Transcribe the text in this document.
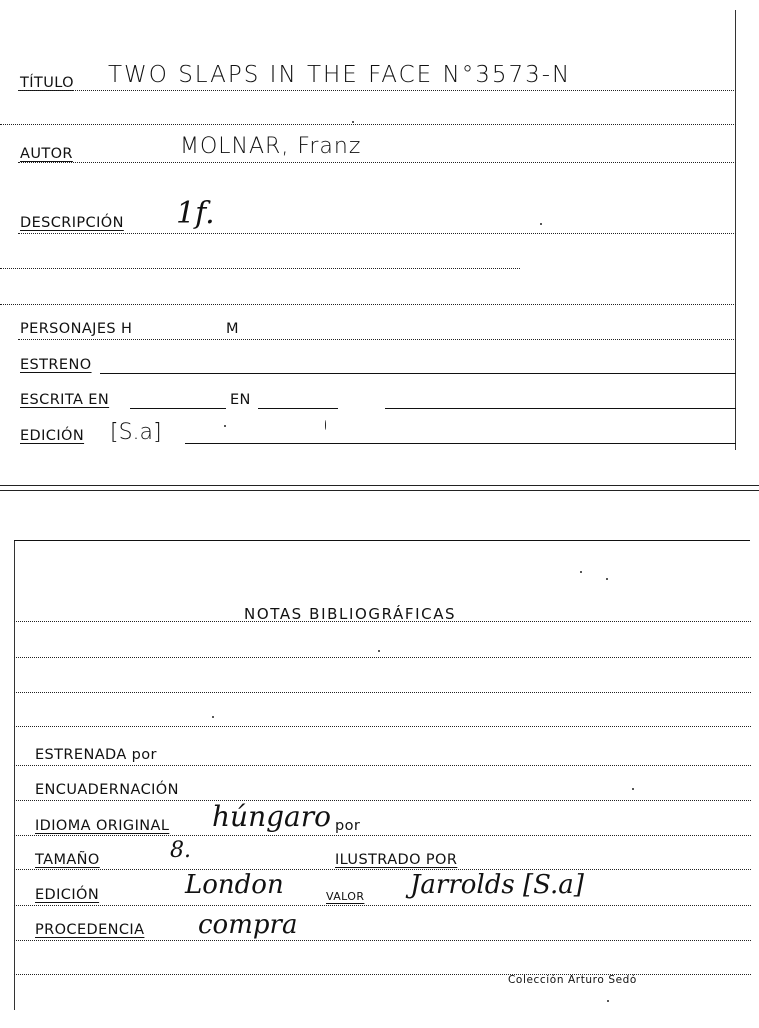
TÍTULO TWO SLAPS IN THE FACE N°3573-N
AUTOR	MOLNAR, Franz
DESCRIPCIÓN 1f.
PERSONAJES H	M
ESTRENO
ESCRITA EN	EN
EDICIÓN [S.a]
NOTAS BIBLIOGRÁFICAS
ESTRENADA por
ENCUADERNACIÓN
IDIOMA ORIGINAL húngaro por
TAMAÑO	8.	ILUSTRADO POR
EDICIÓN	London	VALOR Jarrolds [S.a]
PROCEDENCIA compra
Colección Arturo Sedó
